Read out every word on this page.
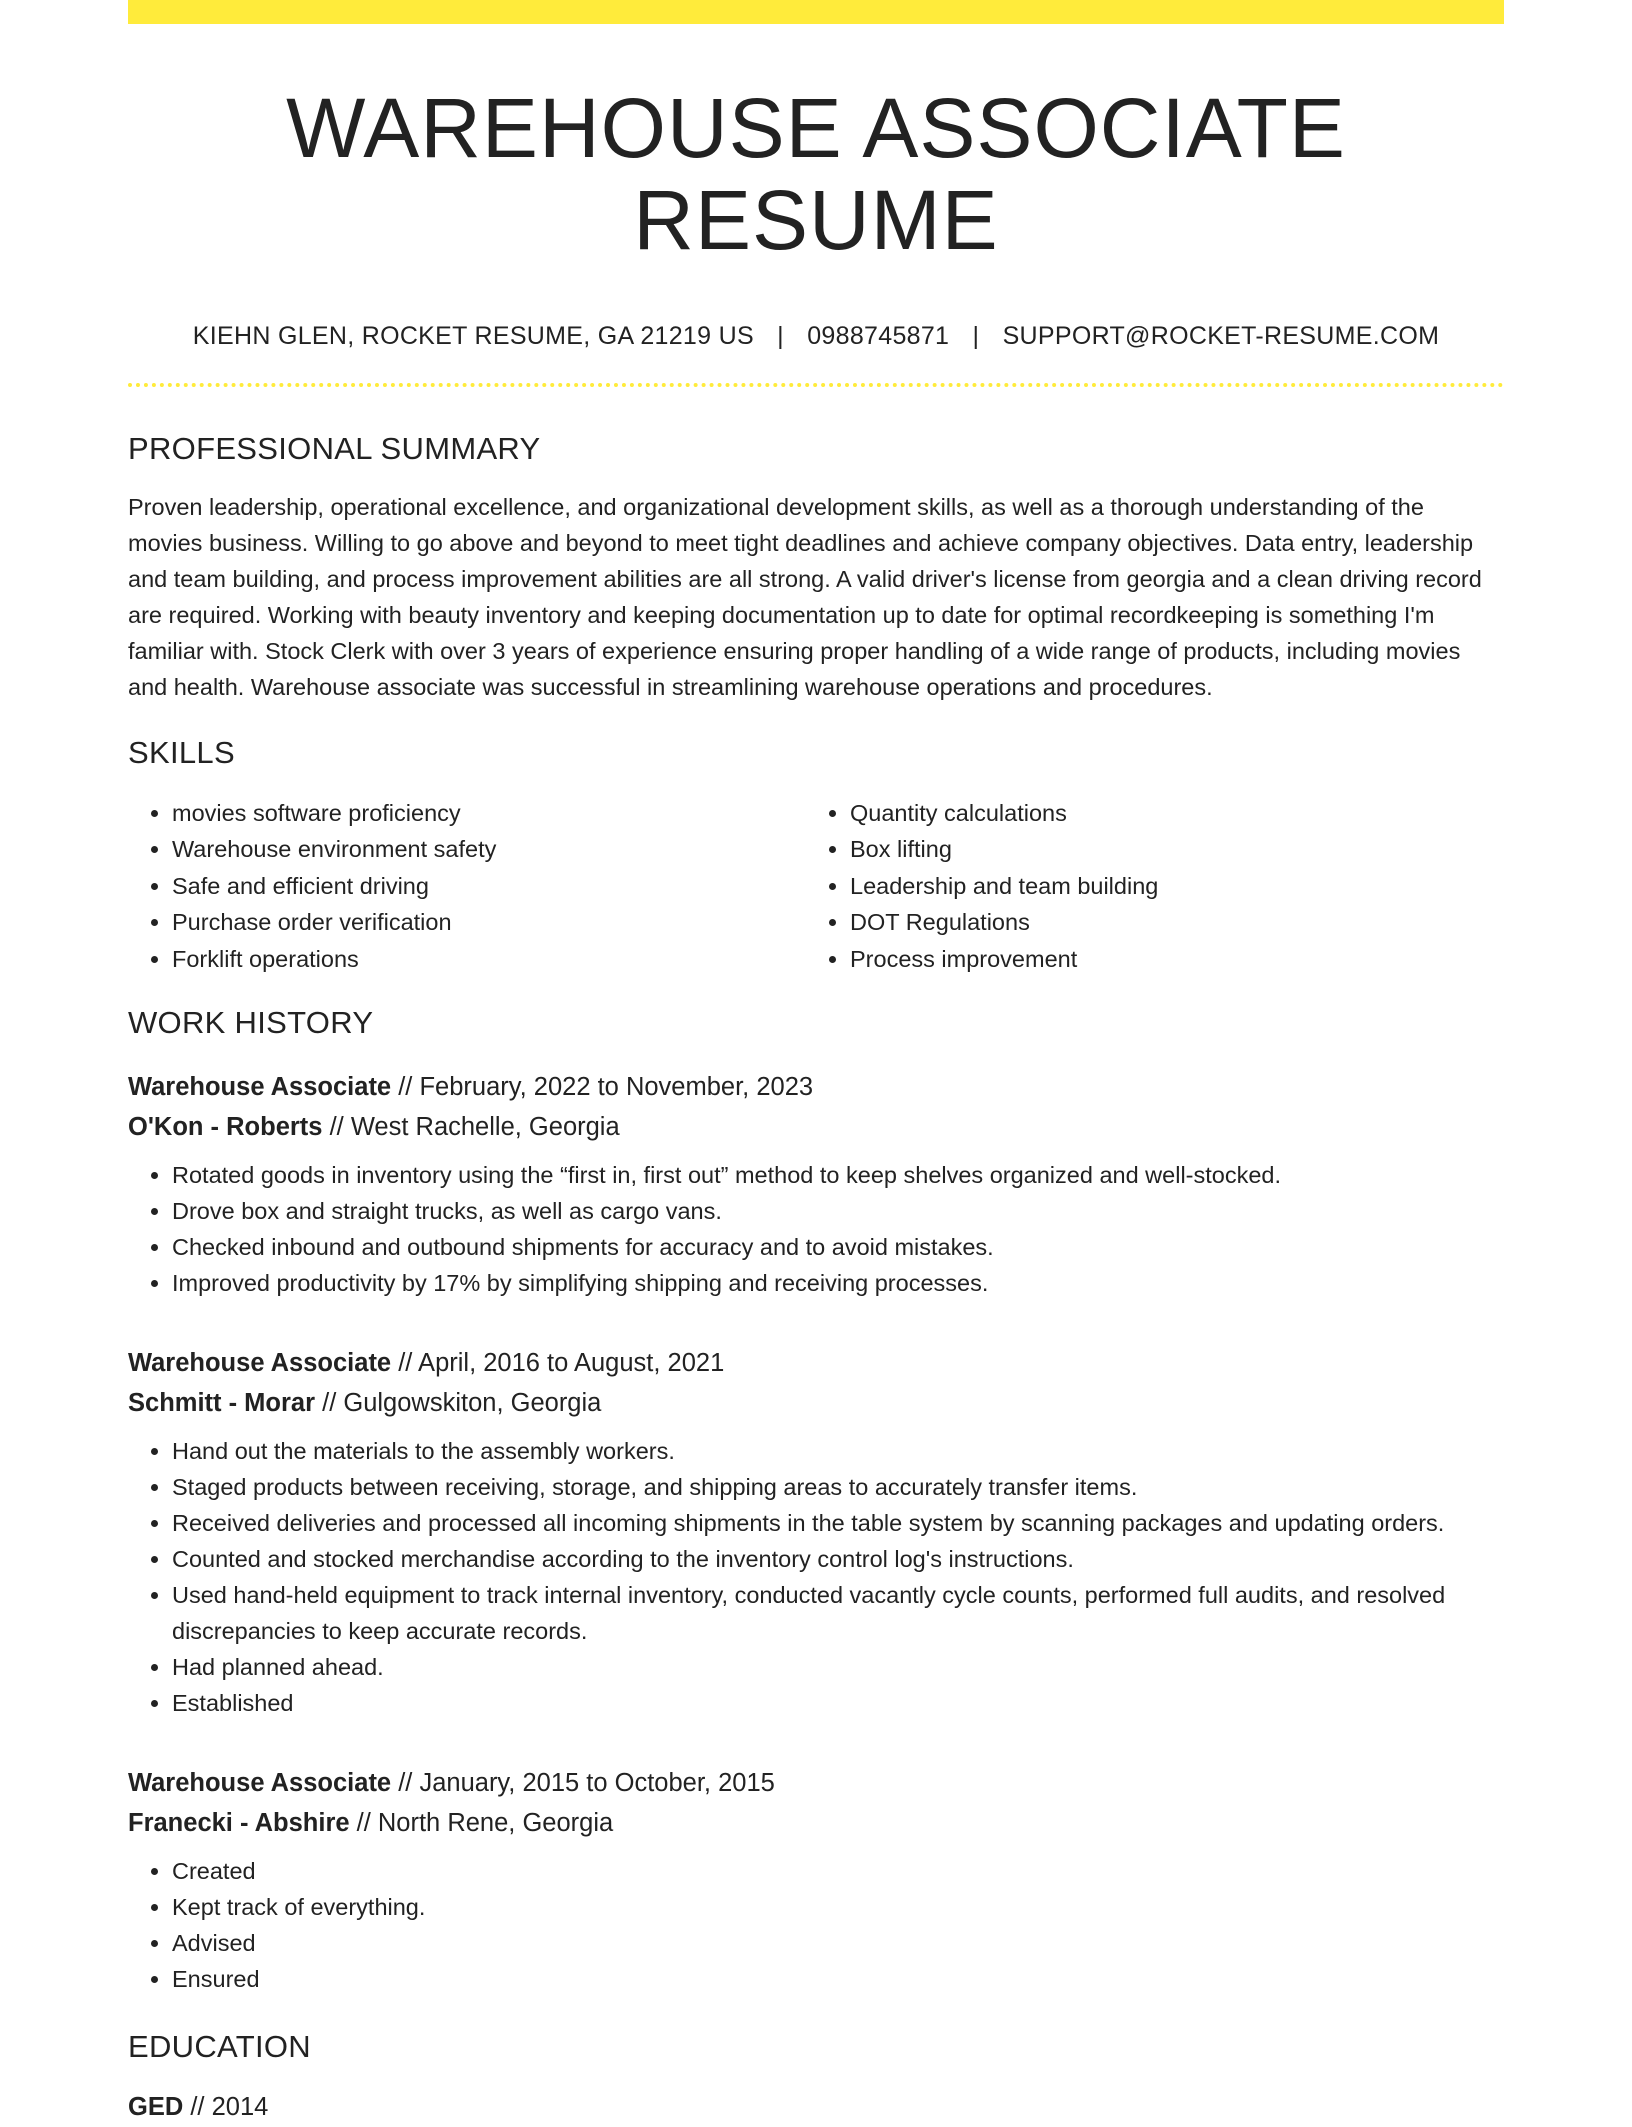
WAREHOUSE ASSOCIATE RESUME
KIEHN GLEN, ROCKET RESUME, GA 21219 US | 0988745871 | SUPPORT@ROCKET-RESUME.COM
PROFESSIONAL SUMMARY

Proven leadership, operational excellence, and organizational development skills, as well as a thorough understanding of the movies business. Willing to go above and beyond to meet tight deadlines and achieve company objectives. Data entry, leadership and team building, and process improvement abilities are all strong. A valid driver's license from georgia and a clean driving record are required. Working with beauty inventory and keeping documentation up to date for optimal recordkeeping is something I'm familiar with. Stock Clerk with over 3 years of experience ensuring proper handling of a wide range of products, including movies and health. Warehouse associate was successful in streamlining warehouse operations and procedures.

SKILLS
• movies software proficiency
• Warehouse environment safety
• Safe and efficient driving
• Purchase order verification
• Forklift operations
• Quantity calculations
• Box lifting
• Leadership and team building
• DOT Regulations
• Process improvement
WORK HISTORY
Warehouse Associate // February, 2022 to November, 2023
O'Kon - Roberts // West Rachelle, Georgia
• Rotated goods in inventory using the “first in, first out” method to keep shelves organized and well-stocked.
• Drove box and straight trucks, as well as cargo vans.
• Checked inbound and outbound shipments for accuracy and to avoid mistakes.
• Improved productivity by 17% by simplifying shipping and receiving processes.
Warehouse Associate // April, 2016 to August, 2021
Schmitt - Morar // Gulgowskiton, Georgia
• Hand out the materials to the assembly workers.
• Staged products between receiving, storage, and shipping areas to accurately transfer items.
• Received deliveries and processed all incoming shipments in the table system by scanning packages and updating orders.
• Counted and stocked merchandise according to the inventory control log's instructions.
• Used hand-held equipment to track internal inventory, conducted vacantly cycle counts, performed full audits, and resolved discrepancies to keep accurate records.
• Had planned ahead.
• Established
Warehouse Associate // January, 2015 to October, 2015
Franecki - Abshire // North Rene, Georgia
• Created
• Kept track of everything.
• Advised
• Ensured
EDUCATION
GED // 2014
